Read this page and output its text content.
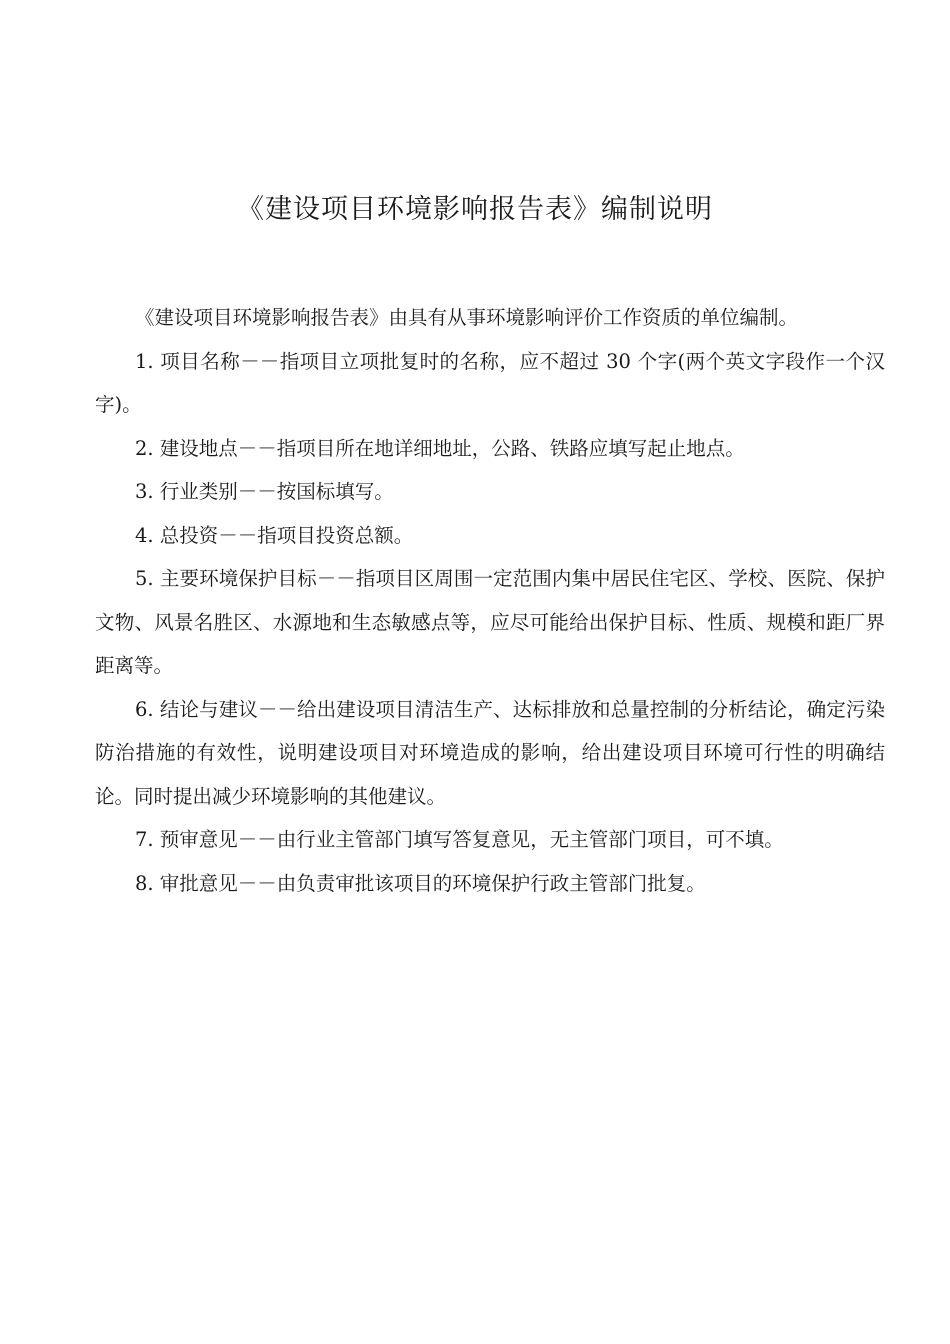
《建设项目环境影响报告表》编制说明

《建设项目环境影响报告表》由具有从事环境影响评价工作资质的单位编制。

1. 项目名称－－指项目立项批复时的名称，应不超过 30 个字(两个英文字段作一个汉字)。

2. 建设地点－－指项目所在地详细地址，公路、铁路应填写起止地点。

3. 行业类别－－按国标填写。

4. 总投资－－指项目投资总额。

5. 主要环境保护目标－－指项目区周围一定范围内集中居民住宅区、学校、医院、保护文物、风景名胜区、水源地和生态敏感点等，应尽可能给出保护目标、性质、规模和距厂界距离等。

6. 结论与建议－－给出建设项目清洁生产、达标排放和总量控制的分析结论，确定污染防治措施的有效性，说明建设项目对环境造成的影响，给出建设项目环境可行性的明确结论。同时提出减少环境影响的其他建议。

7. 预审意见－－由行业主管部门填写答复意见，无主管部门项目，可不填。

8. 审批意见－－由负责审批该项目的环境保护行政主管部门批复。
